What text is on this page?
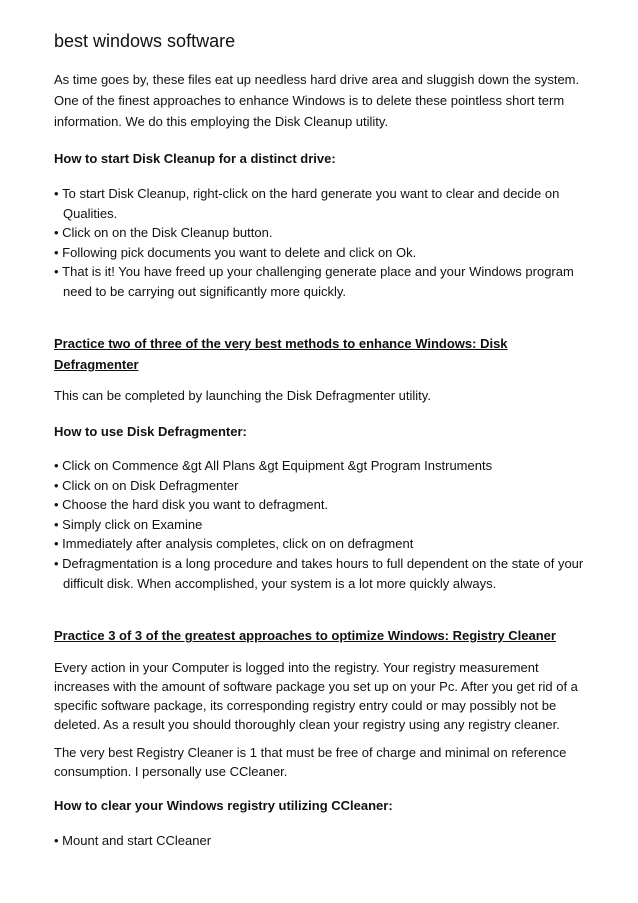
best windows software
As time goes by, these files eat up needless hard drive area and sluggish down the system. One of the finest approaches to enhance Windows is to delete these pointless short term information. We do this employing the Disk Cleanup utility.
How to start Disk Cleanup for a distinct drive:
• To start Disk Cleanup, right-click on the hard generate you want to clear and decide on Qualities.
• Click on on the Disk Cleanup button.
• Following pick documents you want to delete and click on Ok.
• That is it! You have freed up your challenging generate place and your Windows program need to be carrying out significantly more quickly.
Practice two of three of the very best methods to enhance Windows: Disk Defragmenter
This can be completed by launching the Disk Defragmenter utility.
How to use Disk Defragmenter:
• Click on Commence &gt All Plans &gt Equipment &gt Program Instruments
• Click on on Disk Defragmenter
• Choose the hard disk you want to defragment.
• Simply click on Examine
• Immediately after analysis completes, click on on defragment
• Defragmentation is a long procedure and takes hours to full dependent on the state of your difficult disk. When accomplished, your system is a lot more quickly always.
Practice 3 of 3 of the greatest approaches to optimize Windows: Registry Cleaner
Every action in your Computer is logged into the registry. Your registry measurement increases with the amount of software package you set up on your Pc. After you get rid of a specific software package, its corresponding registry entry could or may possibly not be deleted. As a result you should thoroughly clean your registry using any registry cleaner.
The very best Registry Cleaner is 1 that must be free of charge and minimal on reference consumption. I personally use CCleaner.
How to clear your Windows registry utilizing CCleaner:
• Mount and start CCleaner
